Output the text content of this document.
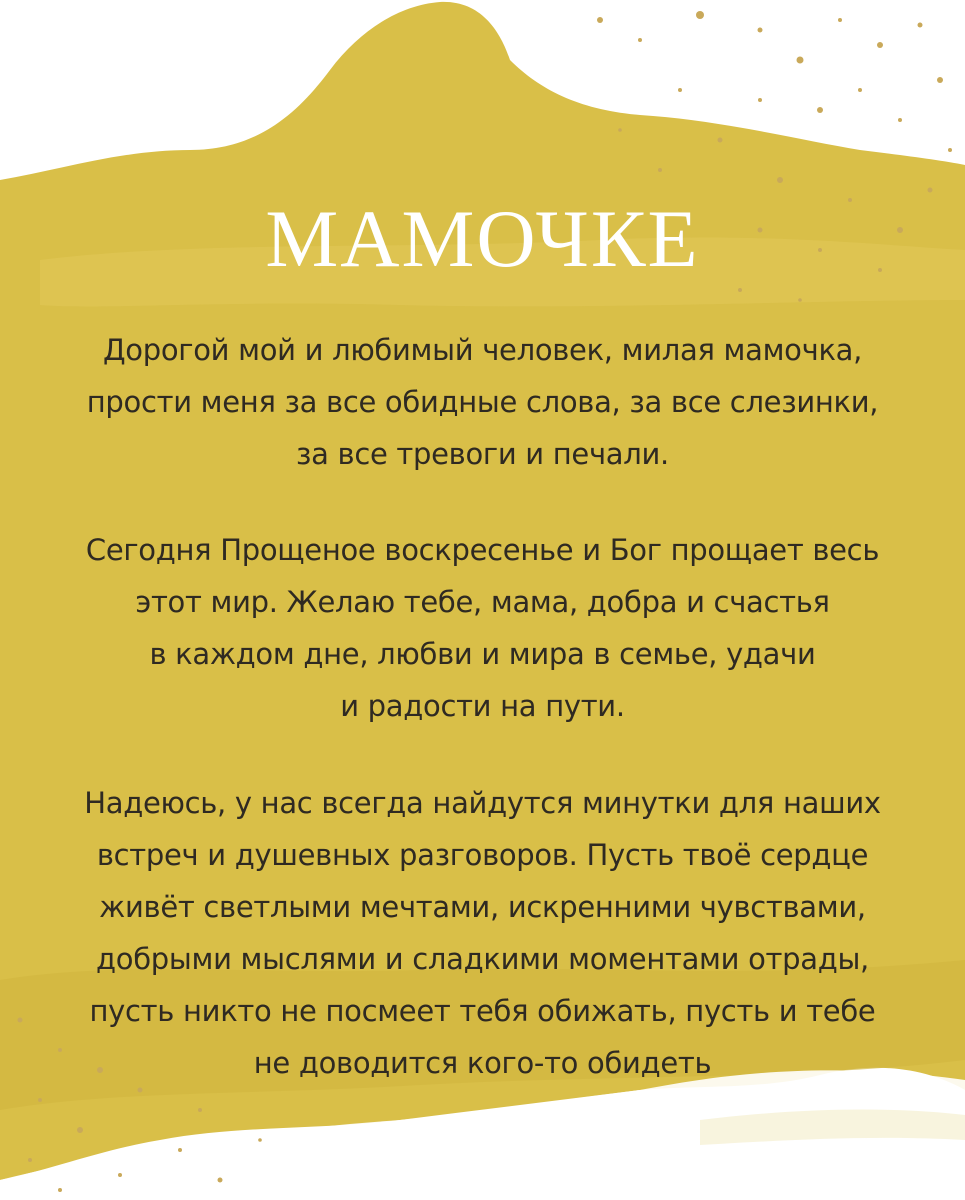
МАМОЧКЕ
Дорогой мой и любимый человек, милая мамочка,
прости меня за все обидные слова, за все слезинки,
за все тревоги и печали.
Сегодня Прощеное воскресенье и Бог прощает весь
этот мир. Желаю тебе, мама, добра и счастья
в каждом дне, любви и мира в семье, удачи
и радости на пути.
Надеюсь, у нас всегда найдутся минутки для наших
встреч и душевных разговоров. Пусть твоё сердце
живёт светлыми мечтами, искренними чувствами,
добрыми мыслями и сладкими моментами отрады,
пусть никто не посмеет тебя обижать, пусть и тебе
не доводится кого-то обидеть
